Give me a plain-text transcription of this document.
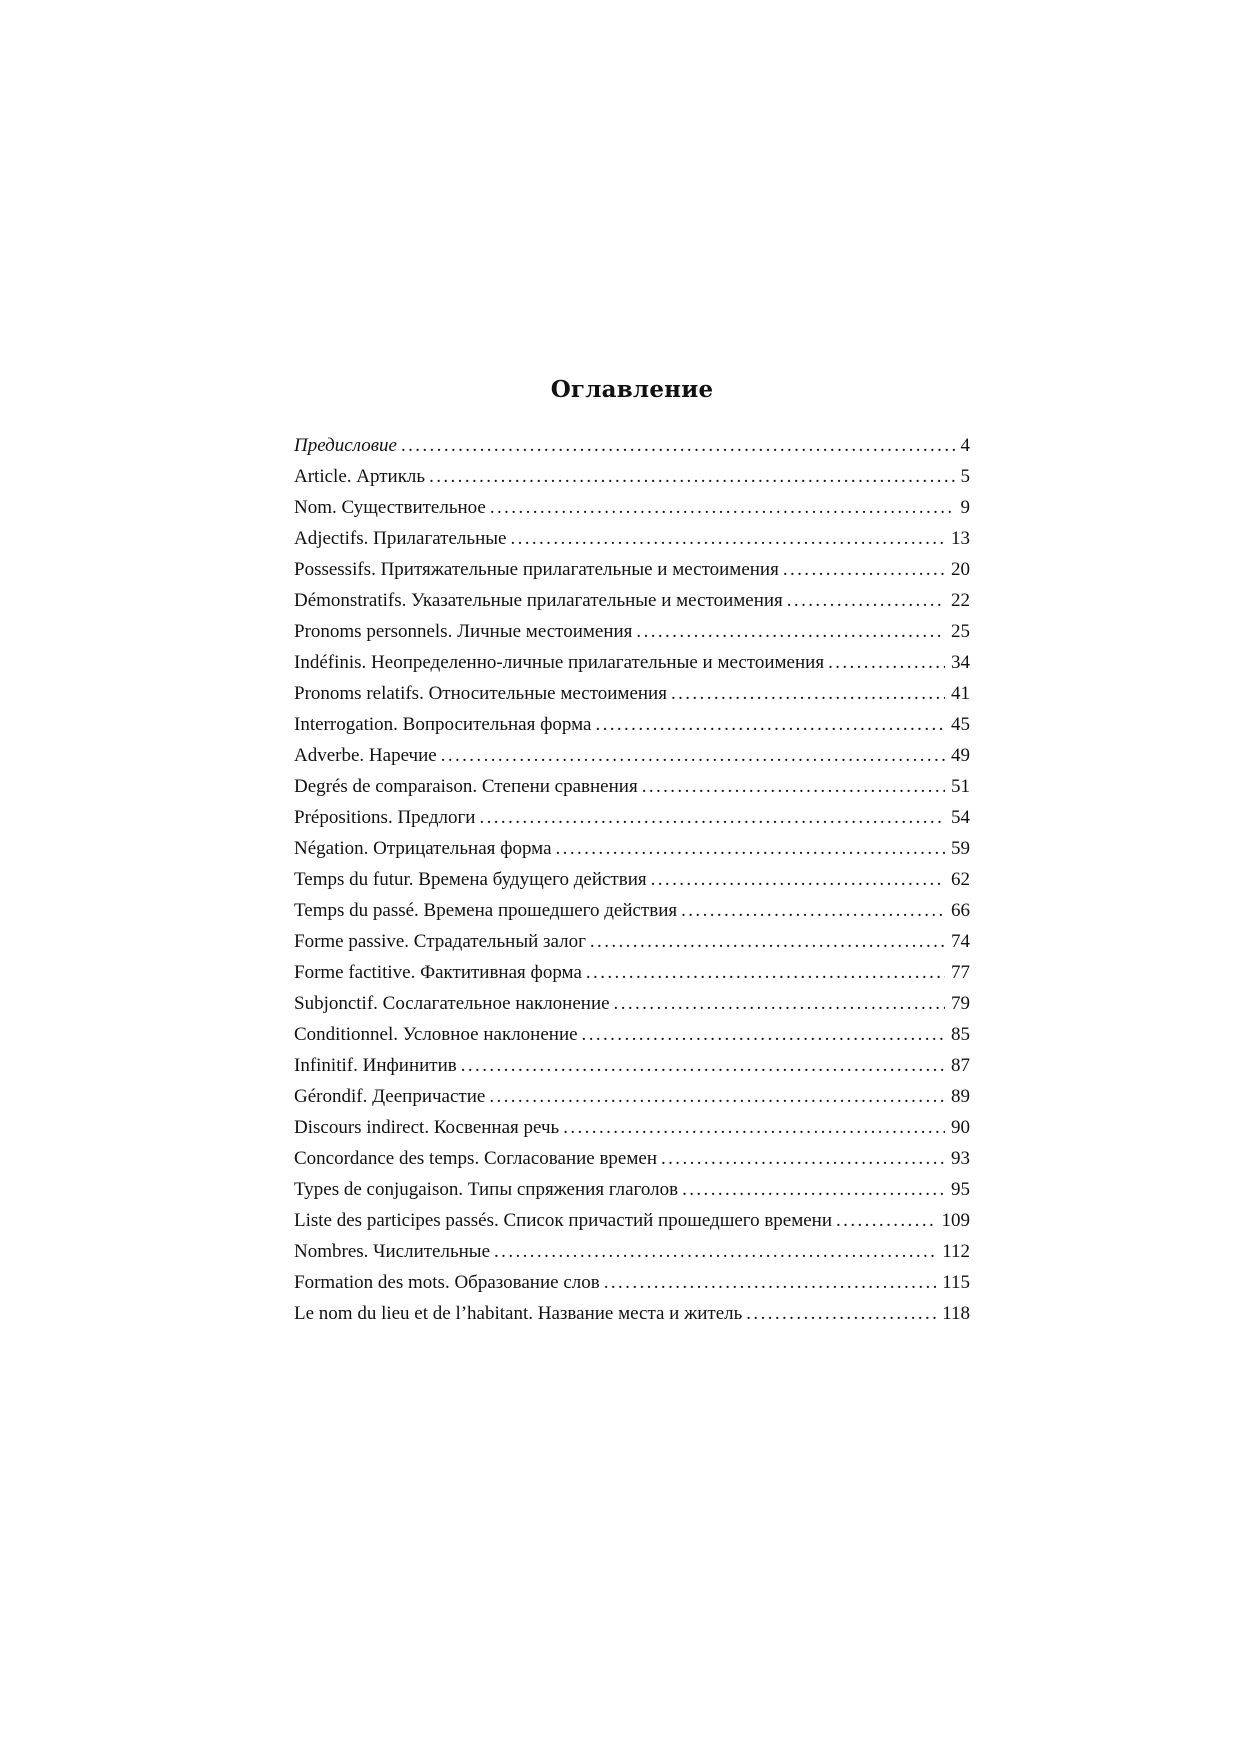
Оглавление
Предисловие .....	4
Article. Артикль .....	5
Nom. Существительное .....	9
Adjectifs. Прилагательные .....	13
Possessifs. Притяжательные прилагательные и местоимения .....	20
Démonstratifs. Указательные прилагательные и местоимения .....	22
Pronoms personnels. Личные местоимения .....	25
Indéfinis. Неопределенно-личные прилагательные и местоимения .....	34
Pronoms relatifs. Относительные местоимения .....	41
Interrogation. Вопросительная форма .....	45
Adverbe. Наречие .....	49
Degrés de comparaison. Степени сравнения .....	51
Prépositions. Предлоги .....	54
Négation. Отрицательная форма .....	59
Temps du futur. Времена будущего действия .....	62
Temps du passé. Времена прошедшего действия .....	66
Forme passive. Страдательный залог .....	74
Forme factitive. Фактитивная форма .....	77
Subjonctif. Сослагательное наклонение .....	79
Conditionnel. Условное наклонение .....	85
Infinitif. Инфинитив .....	87
Gérondif. Деепричастие .....	89
Discours indirect. Косвенная речь .....	90
Concordance des temps. Согласование времен .....	93
Types de conjugaison. Типы спряжения глаголов .....	95
Liste des participes passés. Список причастий прошедшего времени .....	109
Nombres. Числительные .....	112
Formation des mots. Образование слов .....	115
Le nom du lieu et de l’habitant. Название места и житель .....	118
